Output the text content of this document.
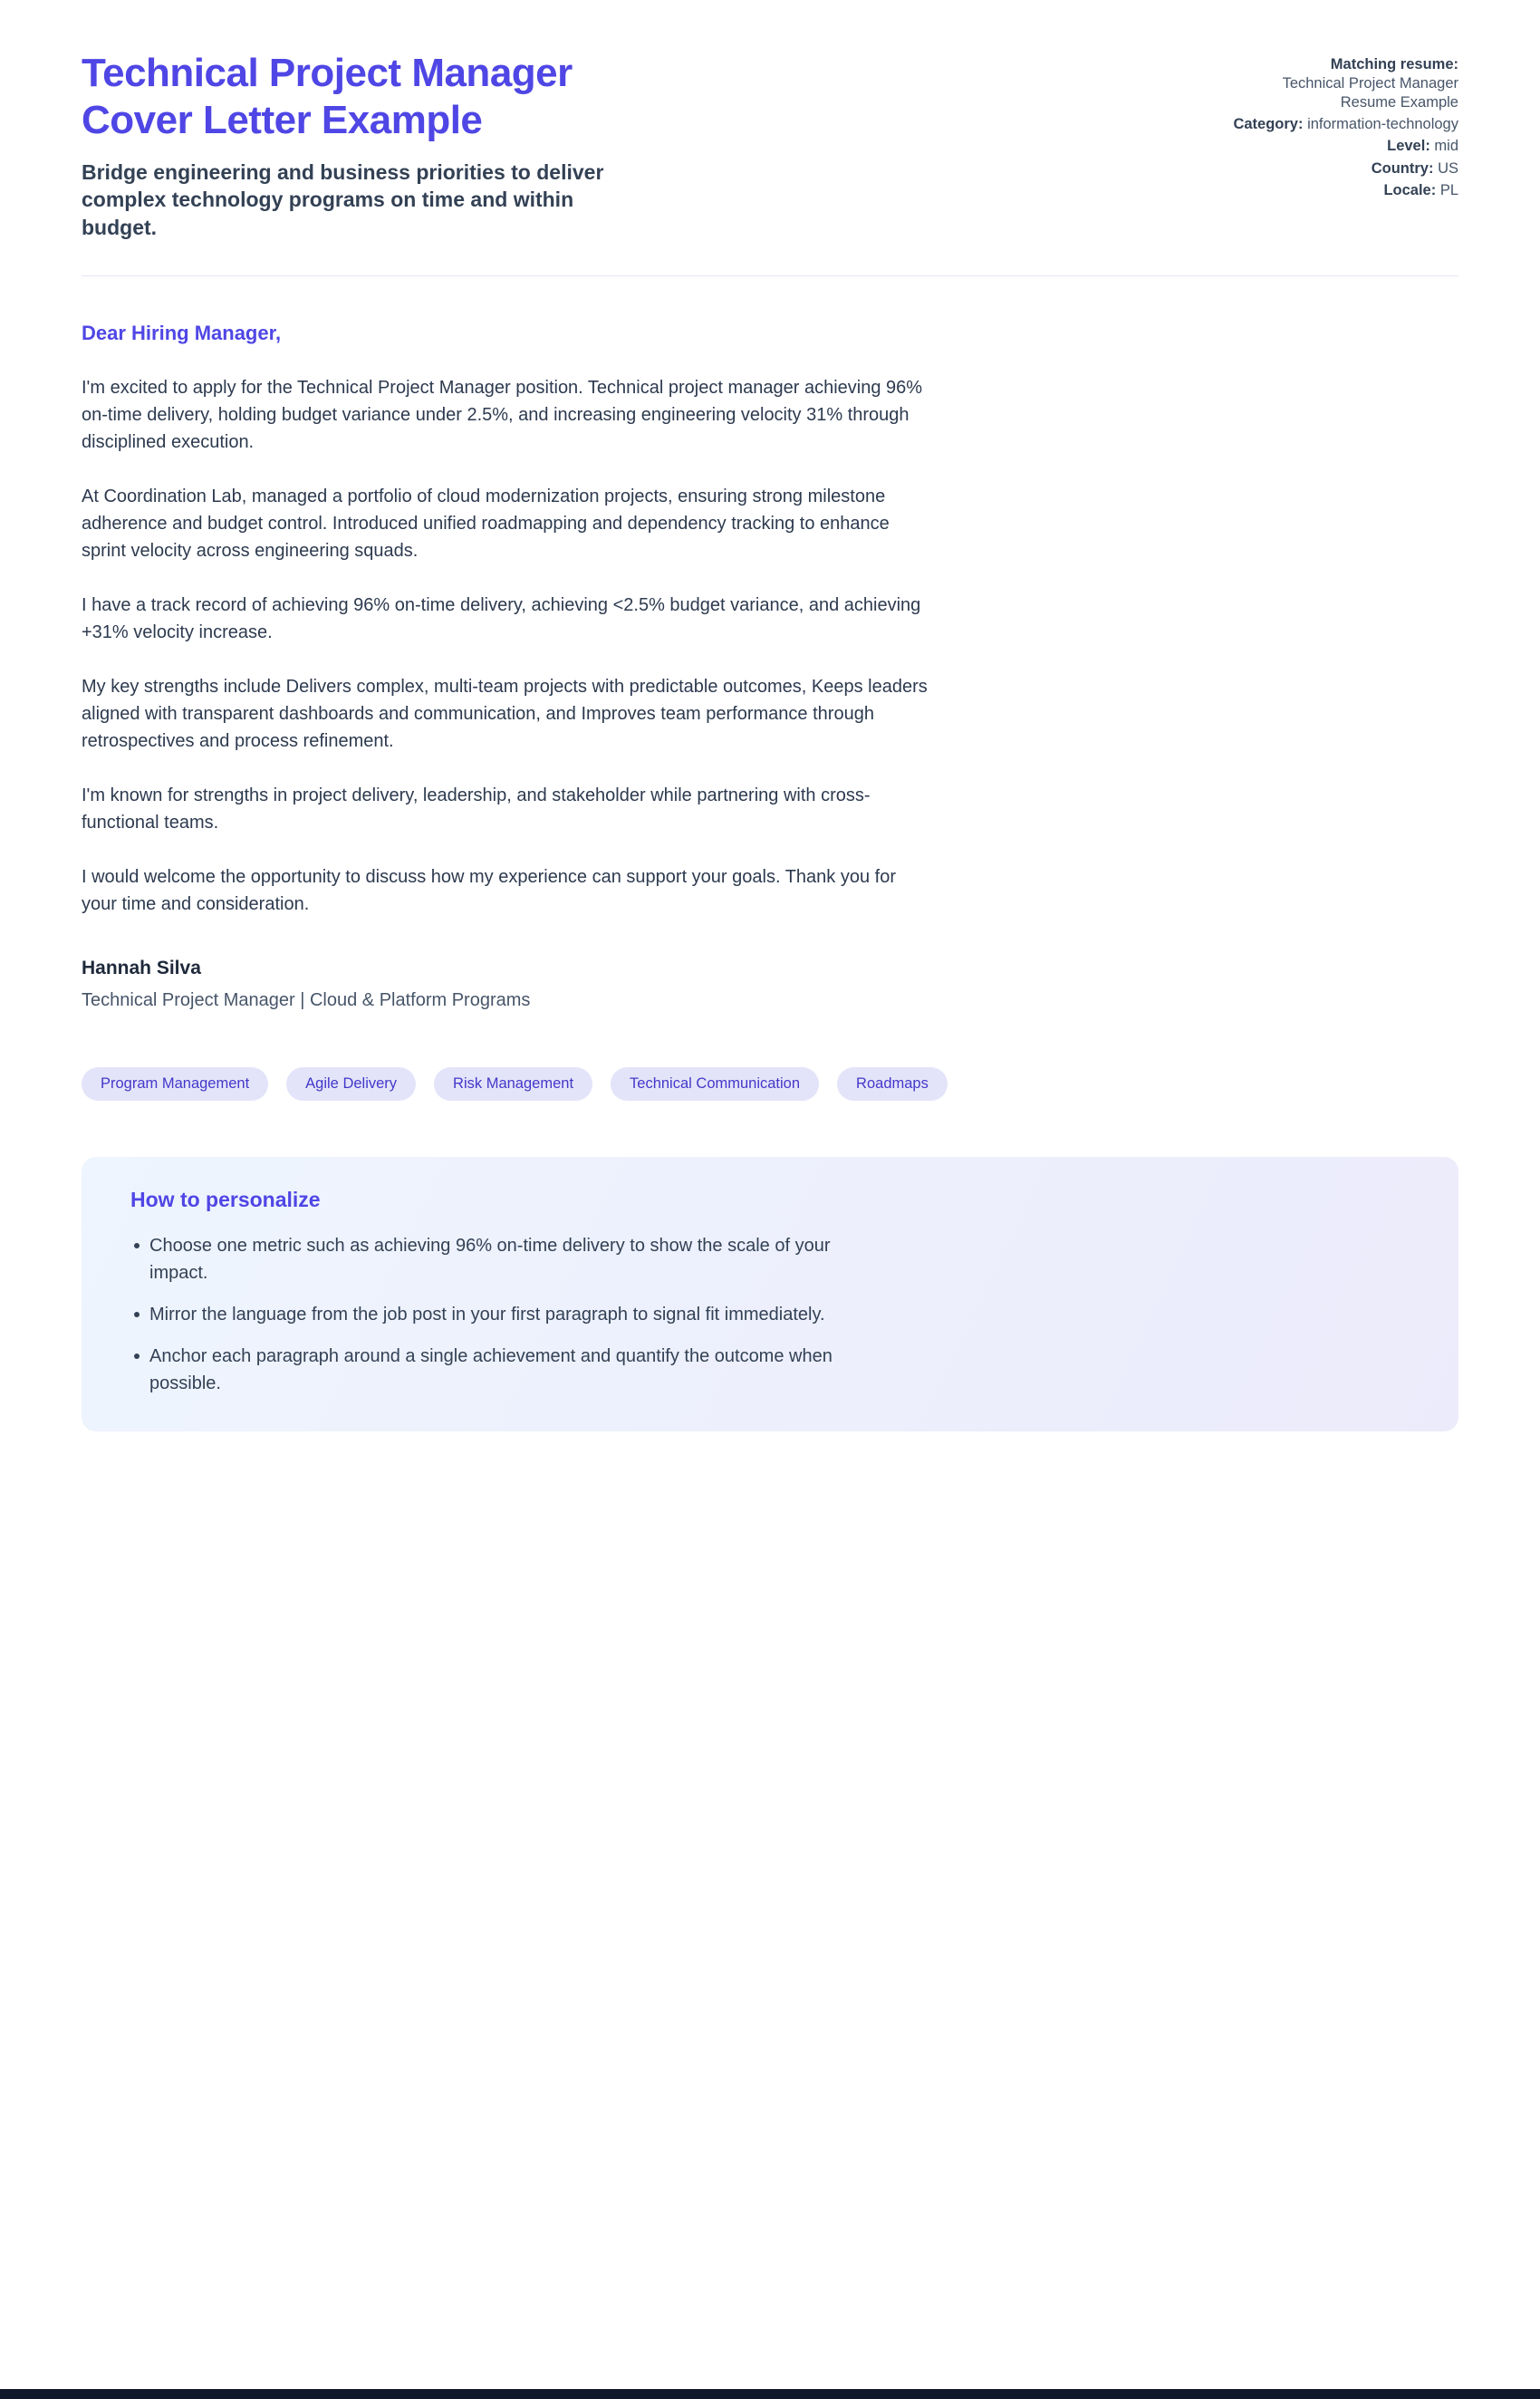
Technical Project Manager Cover Letter Example

Bridge engineering and business priorities to deliver complex technology programs on time and within budget.

Matching resume:
Technical Project Manager Resume Example
Category: information-technology
Level: mid
Country: US
Locale: PL

Dear Hiring Manager,

I'm excited to apply for the Technical Project Manager position. Technical project manager achieving 96% on-time delivery, holding budget variance under 2.5%, and increasing engineering velocity 31% through disciplined execution.

At Coordination Lab, managed a portfolio of cloud modernization projects, ensuring strong milestone adherence and budget control. Introduced unified roadmapping and dependency tracking to enhance sprint velocity across engineering squads.

I have a track record of achieving 96% on-time delivery, achieving <2.5% budget variance, and achieving +31% velocity increase.

My key strengths include Delivers complex, multi-team projects with predictable outcomes, Keeps leaders aligned with transparent dashboards and communication, and Improves team performance through retrospectives and process refinement.

I'm known for strengths in project delivery, leadership, and stakeholder while partnering with cross-functional teams.

I would welcome the opportunity to discuss how my experience can support your goals. Thank you for your time and consideration.

Hannah Silva

Technical Project Manager | Cloud & Platform Programs

Program Management	Agile Delivery	Risk Management	Technical Communication	Roadmaps
How to personalize
Choose one metric such as achieving 96% on-time delivery to show the scale of your impact.
Mirror the language from the job post in your first paragraph to signal fit immediately.
Anchor each paragraph around a single achievement and quantify the outcome when possible.
